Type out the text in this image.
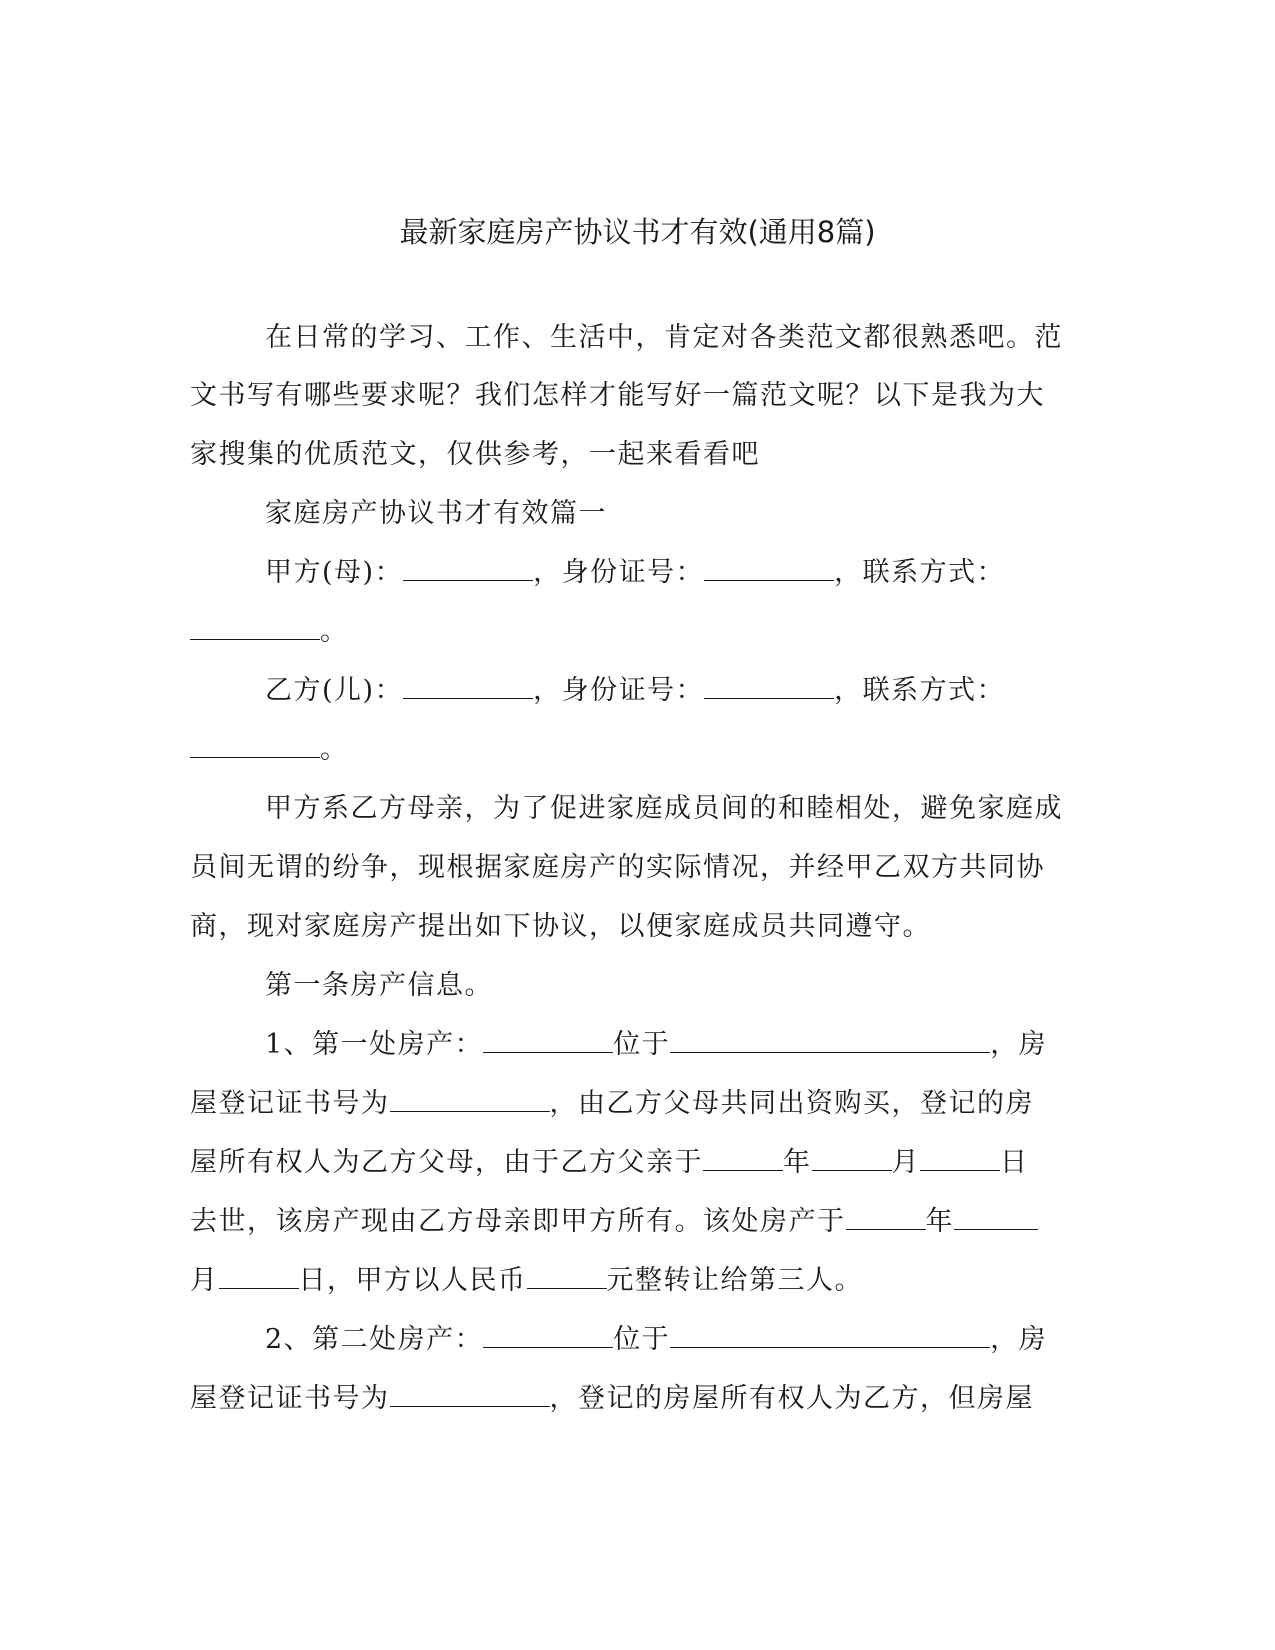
最新家庭房产协议书才有效(通用8篇)
在日常的学习、工作、生活中，肯定对各类范文都很熟悉吧。范
文书写有哪些要求呢？我们怎样才能写好一篇范文呢？以下是我为大
家搜集的优质范文，仅供参考，一起来看看吧
家庭房产协议书才有效篇一
甲方(母)：	，身份证号：	，联系方式：
。
乙方(儿)：	，身份证号：	，联系方式：
。
甲方系乙方母亲，为了促进家庭成员间的和睦相处，避免家庭成
员间无谓的纷争，现根据家庭房产的实际情况，并经甲乙双方共同协
商，现对家庭房产提出如下协议，以便家庭成员共同遵守。
第一条房产信息。
1、第一处房产：	位于	，房
屋登记证书号为	，由乙方父母共同出资购买，登记的房
屋所有权人为乙方父母，由于乙方父亲于	年	月	日
去世，该房产现由乙方母亲即甲方所有。该处房产于	年
月	日，甲方以人民币	元整转让给第三人。
2、第二处房产：	位于	，房
屋登记证书号为	，登记的房屋所有权人为乙方，但房屋
